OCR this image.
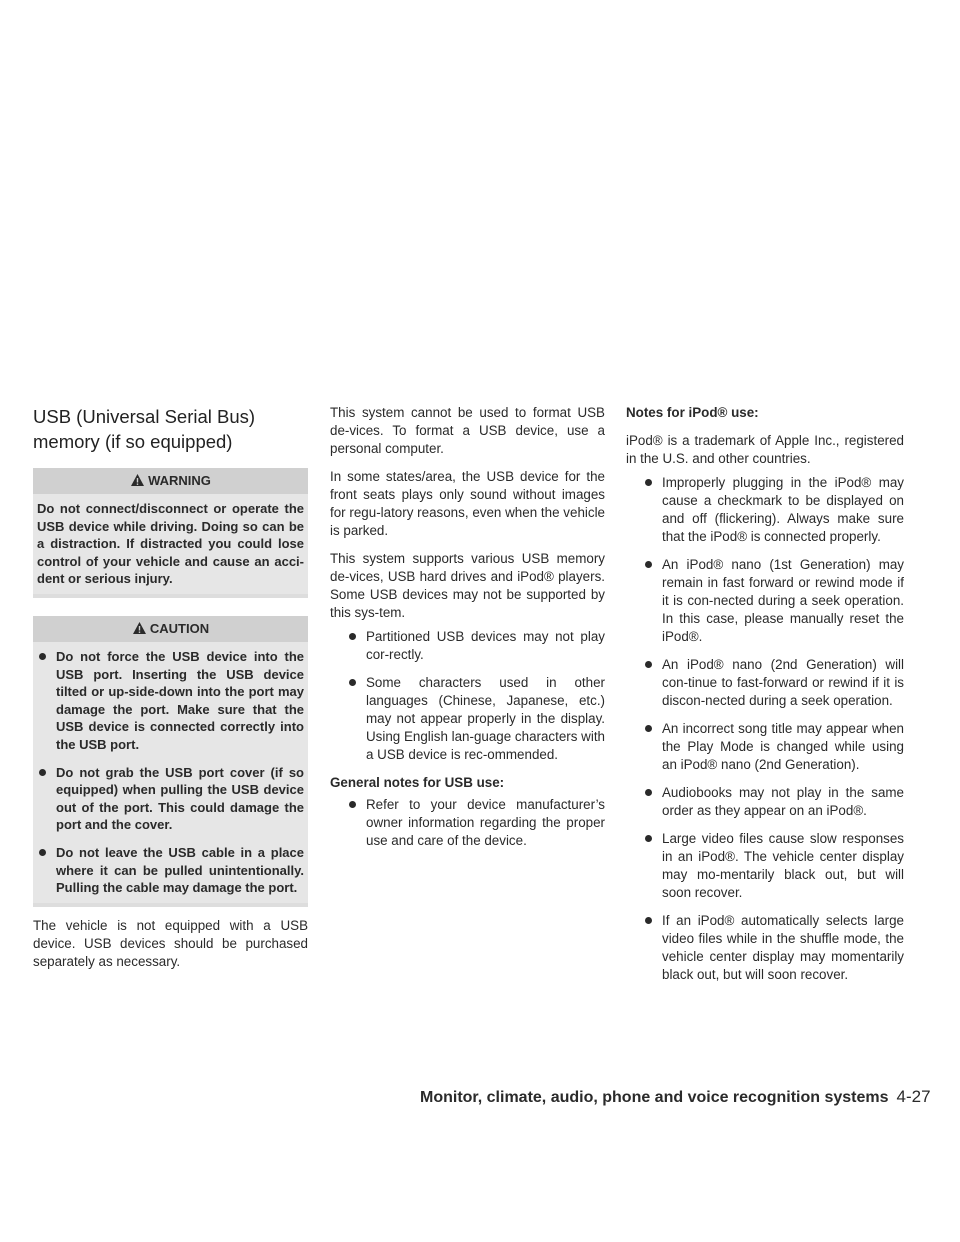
USB (Universal Serial Bus) memory (if so equipped)
WARNING

Do not connect/disconnect or operate the USB device while driving. Doing so can be a distraction. If distracted you could lose control of your vehicle and cause an acci-dent or serious injury.

CAUTION
Do not force the USB device into the USB port. Inserting the USB device tilted or up-side-down into the port may damage the port. Make sure that the USB device is connected correctly into the USB port.
Do not grab the USB port cover (if so equipped) when pulling the USB device out of the port. This could damage the port and the cover.
Do not leave the USB cable in a place where it can be pulled unintentionally. Pulling the cable may damage the port.

The vehicle is not equipped with a USB device. USB devices should be purchased separately as necessary.

This system cannot be used to format USB de-vices. To format a USB device, use a personal computer.

In some states/area, the USB device for the front seats plays only sound without images for regu-latory reasons, even when the vehicle is parked.

This system supports various USB memory de-vices, USB hard drives and iPod® players. Some USB devices may not be supported by this sys-tem.

Partitioned USB devices may not play cor-rectly.
Some characters used in other languages (Chinese, Japanese, etc.) may not appear properly in the display. Using English lan-guage characters with a USB device is rec-ommended.

General notes for USB use:

Refer to your device manufacturer’s owner information regarding the proper use and care of the device.

Notes for iPod® use:

iPod® is a trademark of Apple Inc., registered in the U.S. and other countries.

Improperly plugging in the iPod® may cause a checkmark to be displayed on and off (flickering). Always make sure that the iPod® is connected properly.
An iPod® nano (1st Generation) may remain in fast forward or rewind mode if it is con-nected during a seek operation. In this case, please manually reset the iPod®.
An iPod® nano (2nd Generation) will con-tinue to fast-forward or rewind if it is discon-nected during a seek operation.
An incorrect song title may appear when the Play Mode is changed while using an iPod® nano (2nd Generation).
Audiobooks may not play in the same order as they appear on an iPod®.
Large video files cause slow responses in an iPod®. The vehicle center display may mo-mentarily black out, but will soon recover.
If an iPod® automatically selects large video files while in the shuffle mode, the vehicle center display may momentarily black out, but will soon recover.
Monitor, climate, audio, phone and voice recognition systems 4-27
